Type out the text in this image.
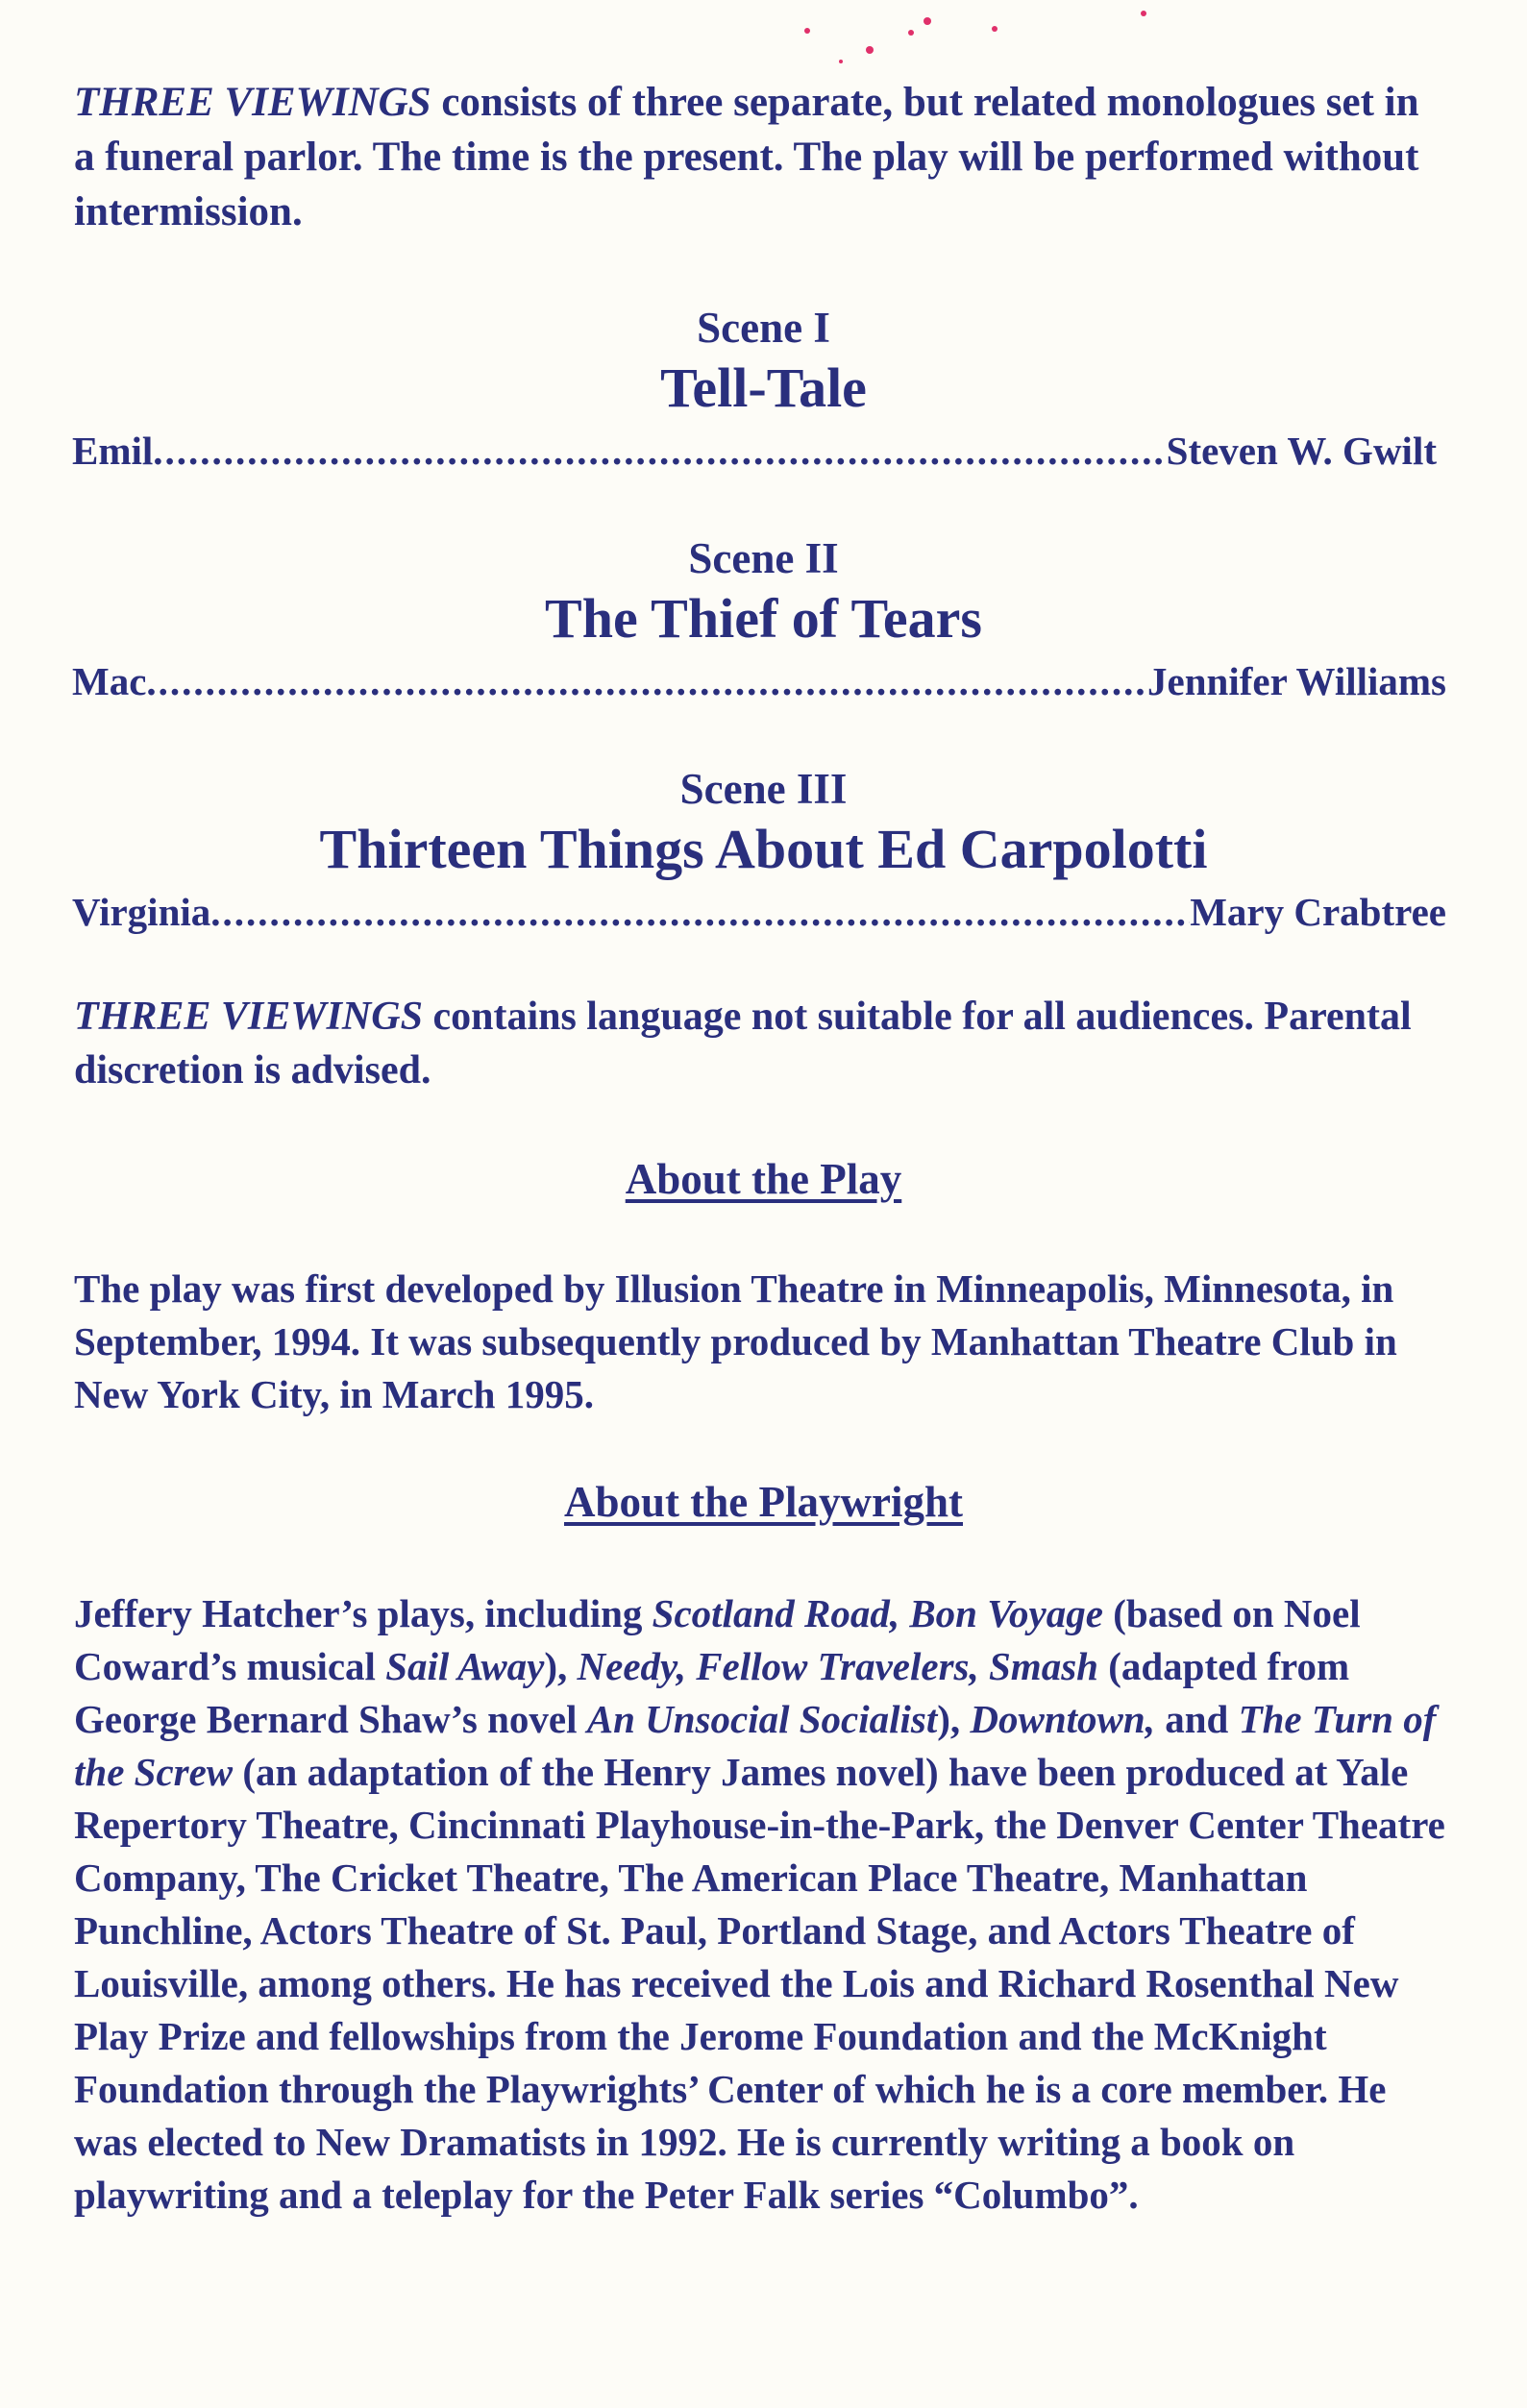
THREE VIEWINGS consists of three separate, but related monologues set in a funeral parlor. The time is the present. The play will be performed without intermission.

Scene I
Tell-Tale
Emil .....	Steven W. Gwilt
Scene II
The Thief of Tears
Mac .....	Jennifer Williams
Scene III
Thirteen Things About Ed Carpolotti
Virginia .....	Mary Crabtree

THREE VIEWINGS contains language not suitable for all audiences. Parental discretion is advised.

About the Play

The play was first developed by Illusion Theatre in Minneapolis, Minnesota, in September, 1994. It was subsequently produced by Manhattan Theatre Club in New York City, in March 1995.

About the Playwright

Jeffery Hatcher’s plays, including Scotland Road, Bon Voyage (based on Noel Coward’s musical Sail Away), Needy, Fellow Travelers, Smash (adapted from George Bernard Shaw’s novel An Unsocial Socialist), Downtown, and The Turn of the Screw (an adaptation of the Henry James novel) have been produced at Yale Repertory Theatre, Cincinnati Playhouse-in-the-Park, the Denver Center Theatre Company, The Cricket Theatre, The American Place Theatre, Manhattan Punchline, Actors Theatre of St. Paul, Portland Stage, and Actors Theatre of Louisville, among others. He has received the Lois and Richard Rosenthal New Play Prize and fellowships from the Jerome Foundation and the McKnight Foundation through the Playwrights’ Center of which he is a core member. He was elected to New Dramatists in 1992. He is currently writing a book on playwriting and a teleplay for the Peter Falk series “Columbo”.
